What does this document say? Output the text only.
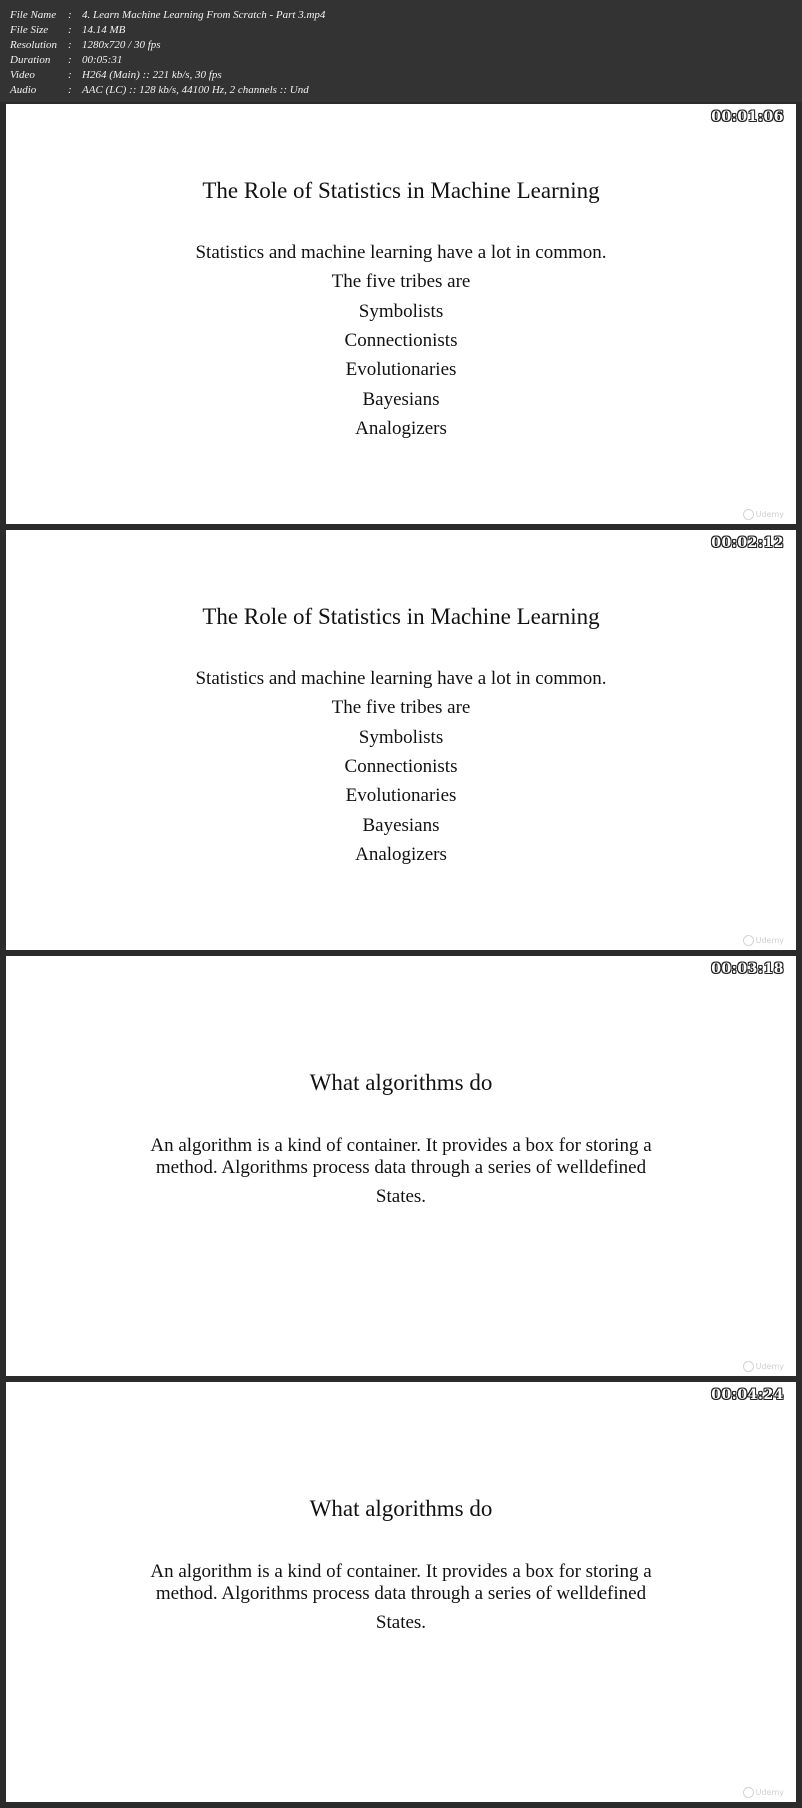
File Name	: 4. Learn Machine Learning From Scratch - Part 3.mp4
File Size	: 14.14 MB
Resolution : 1280x720 / 30 fps
Duration	: 00:05:31
Video	: H264 (Main) :: 221 kb/s, 30 fps
Audio	: AAC (LC) :: 128 kb/s, 44100 Hz, 2 channels :: Und
00:01:06
The Role of Statistics in Machine Learning
Statistics and machine learning have a lot in common.
The five tribes are
Symbolists
Connectionists
Evolutionaries
Bayesians
Analogizers
Udemy
00:02:12
The Role of Statistics in Machine Learning
Statistics and machine learning have a lot in common.
The five tribes are
Symbolists
Connectionists
Evolutionaries
Bayesians
Analogizers
Udemy
00:03:18
What algorithms do
An algorithm is a kind of container. It provides a box for storing a
method. Algorithms process data through a series of welldefined
States.
Udemy
00:04:24
What algorithms do
An algorithm is a kind of container. It provides a box for storing a
method. Algorithms process data through a series of welldefined
States.
Udemy
